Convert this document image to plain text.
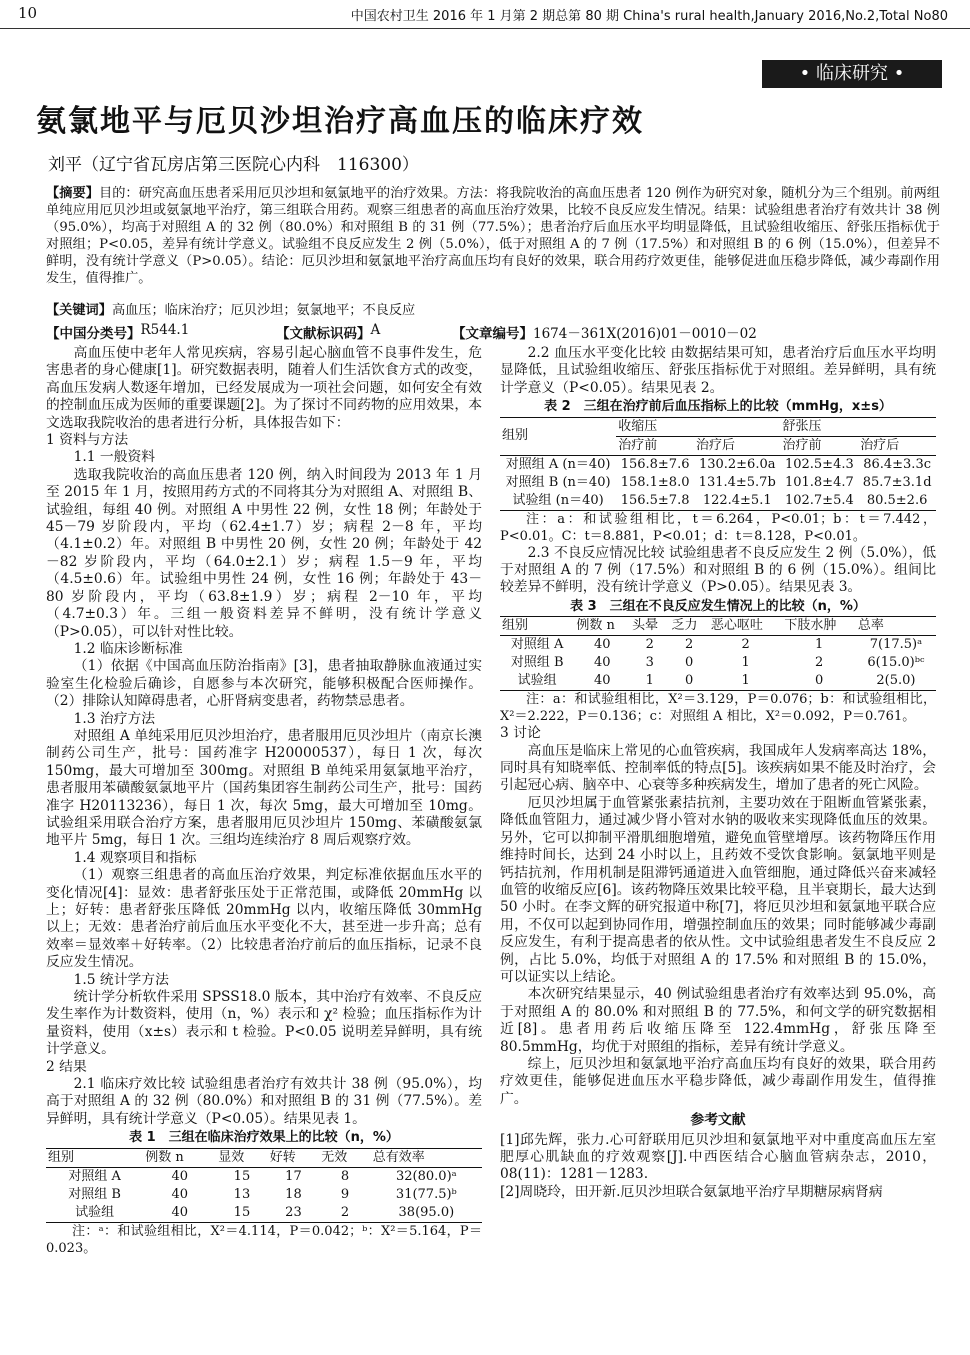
10	中国农村卫生 2016 年 1 月第 2 期总第 80 期 China's rural health,January 2016,No.2,Total No80
• 临床研究 •
氨氯地平与厄贝沙坦治疗高血压的临床疗效
刘平（辽宁省瓦房店第三医院心内科　116300）
【摘要】目的：研究高血压患者采用厄贝沙坦和氨氯地平的治疗效果。方法：将我院收治的高血压患者 120 例作为研究对象，随机分为三个组别。前两组单纯应用厄贝沙坦或氨氯地平治疗，第三组联合用药。观察三组患者的高血压治疗效果，比较不良反应发生情况。结果：试验组患者治疗有效共计 38 例（95.0%），均高于对照组 A 的 32 例（80.0%）和对照组 B 的 31 例（77.5%）；患者治疗后血压水平均明显降低，且试验组收缩压、舒张压指标优于对照组；P<0.05，差异有统计学意义。试验组不良反应发生 2 例（5.0%），低于对照组 A 的 7 例（17.5%）和对照组 B 的 6 例（15.0%），但差异不鲜明，没有统计学意义（P>0.05）。结论：厄贝沙坦和氨氯地平治疗高血压均有良好的效果，联合用药疗效更佳，能够促进血压稳步降低，减少毒副作用发生，值得推广。
【关键词】高血压；临床治疗；厄贝沙坦；氨氯地平；不良反应
【中国分类号】 R544.1	【文献标识码】 A	【文章编号】 1674－361X(2016)01－0010－02

高血压使中老年人常见疾病，容易引起心脑血管不良事件发生，危害患者的身心健康[1]。研究数据表明，随着人们生活饮食方式的改变，高血压发病人数逐年增加，已经发展成为一项社会问题，如何安全有效的控制血压成为医师的重要课题[2]。为了探讨不同药物的应用效果，本文选取我院收治的患者进行分析，具体报告如下：

1 资料与方法

1.1 一般资料

选取我院收治的高血压患者 120 例，纳入时间段为 2013 年 1 月至 2015 年 1 月，按照用药方式的不同将其分为对照组 A、对照组 B、试验组，每组 40 例。对照组 A 中男性 22 例，女性 18 例；年龄处于 45－79 岁阶段内，平均（62.4±1.7）岁；病程 2－8 年，平均（4.1±0.2）年。对照组 B 中男性 20 例，女性 20 例；年龄处于 42－82 岁阶段内，平均（64.0±2.1）岁；病程 1.5－9 年，平均（4.5±0.6）年。试验组中男性 24 例，女性 16 例；年龄处于 43－80 岁阶段内，平均（63.8±1.9）岁；病程 2－10 年，平均（4.7±0.3）年。三组一般资料差异不鲜明，没有统计学意义（P>0.05），可以针对性比较。

1.2 临床诊断标准

（1）依据《中国高血压防治指南》[3]，患者抽取静脉血液通过实验室生化检验后确诊，自愿参与本次研究，能够积极配合医师操作。（2）排除认知障碍患者，心肝肾病变患者，药物禁忌患者。

1.3 治疗方法

对照组 A 单纯采用厄贝沙坦治疗，患者服用厄贝沙坦片（南京长澳制药公司生产，批号：国药准字 H20000537），每日 1 次，每次 150mg，最大可增加至 300mg。对照组 B 单纯采用氨氯地平治疗，患者服用苯磺酸氨氯地平片（国药集团容生制药公司生产，批号：国药准字 H20113236），每日 1 次，每次 5mg，最大可增加至 10mg。试验组采用联合治疗方案，患者服用厄贝沙坦片 150mg、苯磺酸氨氯地平片 5mg，每日 1 次。三组均连续治疗 8 周后观察疗效。

1.4 观察项目和指标

（1）观察三组患者的高血压治疗效果，判定标准依据血压水平的变化情况[4]：显效：患者舒张压处于正常范围，或降低 20mmHg 以上；好转：患者舒张压降低 20mmHg 以内，收缩压降低 30mmHg 以上；无效：患者治疗前后血压水平变化不大，甚至进一步升高；总有效率＝显效率＋好转率。（2）比较患者治疗前后的血压指标，记录不良反应发生情况。

1.5 统计学方法

统计学分析软件采用 SPSS18.0 版本，其中治疗有效率、不良反应发生率作为计数资料，使用（n，%）表示和 χ² 检验；血压指标作为计量资料，使用（x±s）表示和 t 检验。P<0.05 说明差异鲜明，具有统计学意义。

2 结果

2.1 临床疗效比较 试验组患者治疗有效共计 38 例（95.0%），均高于对照组 A 的 32 例（80.0%）和对照组 B 的 31 例（77.5%）。差异鲜明，具有统计学意义（P<0.05）。结果见表 1。

表 1　三组在临床治疗效果上的比较（n，%）
组别	例数 n	显效	好转	无效	总有效率
对照组 A	40	15	17	8	32(80.0)ᵃ
对照组 B	40	13	18	9	31(77.5)ᵇ
试验组	40	15	23	2	38(95.0)

注：ᵃ：和试验组相比，X²＝4.114，P＝0.042；ᵇ：X²＝5.164，P＝0.023。

2.2 血压水平变化比较 由数据结果可知，患者治疗后血压水平均明显降低，且试验组收缩压、舒张压指标优于对照组。差异鲜明，具有统计学意义（P<0.05）。结果见表 2。

表 2　三组在治疗前后血压指标上的比较（mmHg，x±s）
组别	收缩压		舒张压	
	治疗前	治疗后	治疗前	治疗后
对照组 A (n＝40)	156.8±7.6	130.2±6.0a	102.5±4.3	86.4±3.3c
对照组 B (n＝40)	158.1±8.0	131.4±5.7b	101.8±4.7	85.7±3.1d
试验组 (n＝40)	156.5±7.8	122.4±5.1	102.7±5.4	80.5±2.6

注：a：和试验组相比，t＝6.264，P<0.01；b：t＝7.442，P<0.01。C：t＝8.881，P<0.01；d：t＝8.128，P<0.01。

2.3 不良反应情况比较 试验组患者不良反应发生 2 例（5.0%），低于对照组 A 的 7 例（17.5%）和对照组 B 的 6 例（15.0%）。组间比较差异不鲜明，没有统计学意义（P>0.05）。结果见表 3。

表 3　三组在不良反应发生情况上的比较（n，%）
组别	例数 n	头晕	乏力	恶心呕吐	下肢水肿	总率
对照组 A	40	2	2	2	1	7(17.5)ᵃ
对照组 B	40	3	0	1	2	6(15.0)ᵇᶜ
试验组	40	1	0	1	0	2(5.0)

注：a：和试验组相比，X²＝3.129，P＝0.076；b：和试验组相比，X²＝2.222，P＝0.136；c：对照组 A 相比，X²＝0.092，P＝0.761。

3 讨论

高血压是临床上常见的心血管疾病，我国成年人发病率高达 18%，同时具有知晓率低、控制率低的特点[5]。该疾病如果不能及时治疗，会引起冠心病、脑卒中、心衰等多种疾病发生，增加了患者的死亡风险。

厄贝沙坦属于血管紧张素拮抗剂，主要功效在于阻断血管紧张素，降低血管阻力，通过减少肾小管对水钠的吸收来实现降低血压的效果。另外，它可以抑制平滑肌细胞增殖，避免血管壁增厚。该药物降压作用维持时间长，达到 24 小时以上，且药效不受饮食影响。氨氯地平则是钙拮抗剂，作用机制是阻滞钙通道进入血管细胞，通过降低兴奋来减轻血管的收缩反应[6]。该药物降压效果比较平稳，且半衰期长，最大达到 50 小时。在李文辉的研究报道中称[7]，将厄贝沙坦和氨氯地平联合应用，不仅可以起到协同作用，增强控制血压的效果；同时能够减少毒副反应发生，有利于提高患者的依从性。文中试验组患者发生不良反应 2 例，占比 5.0%，均低于对照组 A 的 17.5% 和对照组 B 的 15.0%，可以证实以上结论。

本次研究结果显示，40 例试验组患者治疗有效率达到 95.0%，高于对照组 A 的 80.0% 和对照组 B 的 77.5%，和何文学的研究数据相近[8]。患者用药后收缩压降至 122.4mmHg，舒张压降至 80.5mmHg，均优于对照组的指标，差异有统计学意义。

综上，厄贝沙坦和氨氯地平治疗高血压均有良好的效果，联合用药疗效更佳，能够促进血压水平稳步降低，减少毒副作用发生，值得推广。

参考文献

[1]邱先辉，张力.心可舒联用厄贝沙坦和氨氯地平对中重度高血压左室肥厚心肌缺血的疗效观察[J].中西医结合心脑血管病杂志，2010，08(11)：1281－1283.

[2]周晓玲，田开新.厄贝沙坦联合氨氯地平治疗早期糖尿病肾病
